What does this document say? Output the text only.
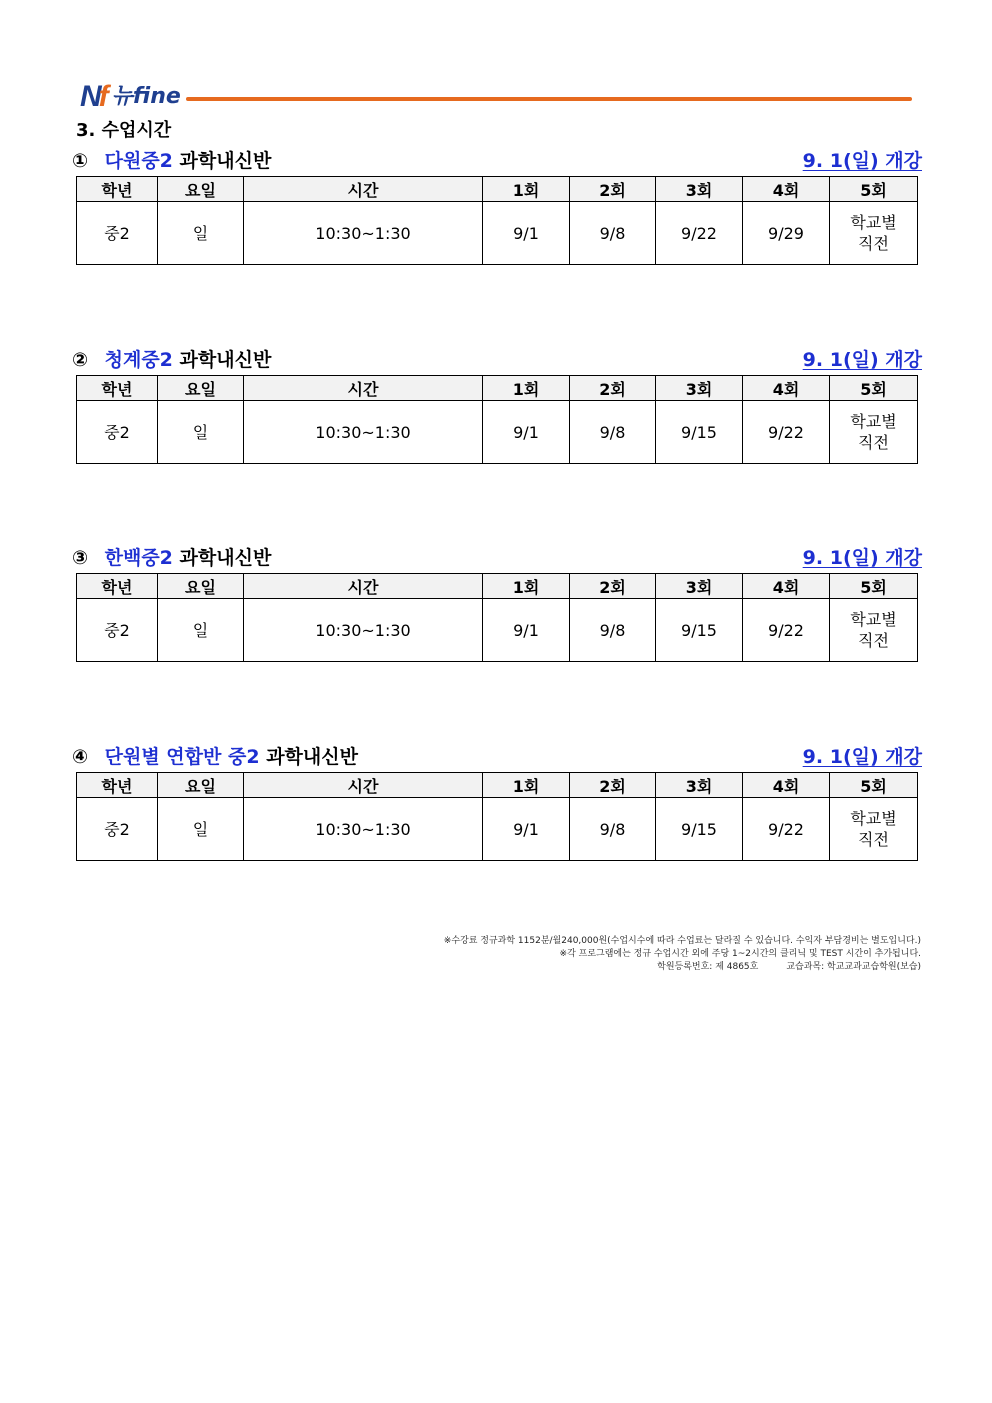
Nf 뉴fine
3. 수업시간
① 다원중2 과학내신반	9. 1(일) 개강
학년	요일	시간	1회	2회	3회	4회	5회
중2	일	10:30~1:30	9/1	9/8	9/22	9/29	학교별
직전
② 청계중2 과학내신반	9. 1(일) 개강
학년	요일	시간	1회	2회	3회	4회	5회
중2	일	10:30~1:30	9/1	9/8	9/15	9/22	학교별
직전
③ 한백중2 과학내신반	9. 1(일) 개강
학년	요일	시간	1회	2회	3회	4회	5회
중2	일	10:30~1:30	9/1	9/8	9/15	9/22	학교별
직전
④ 단원별 연합반 중2 과학내신반	9. 1(일) 개강
학년	요일	시간	1회	2회	3회	4회	5회
중2	일	10:30~1:30	9/1	9/8	9/15	9/22	학교별
직전
※수강료 정규과학 1152분/월240,000원(수업시수에 따라 수업료는 달라질 수 있습니다. 수익자 부담경비는 별도입니다.)
※각 프로그램에는 정규 수업시간 외에 주당 1~2시간의 클리닉 및 TEST 시간이 추가됩니다.
학원등록번호: 제 4865호	교습과목: 학교교과교습학원(보습)
